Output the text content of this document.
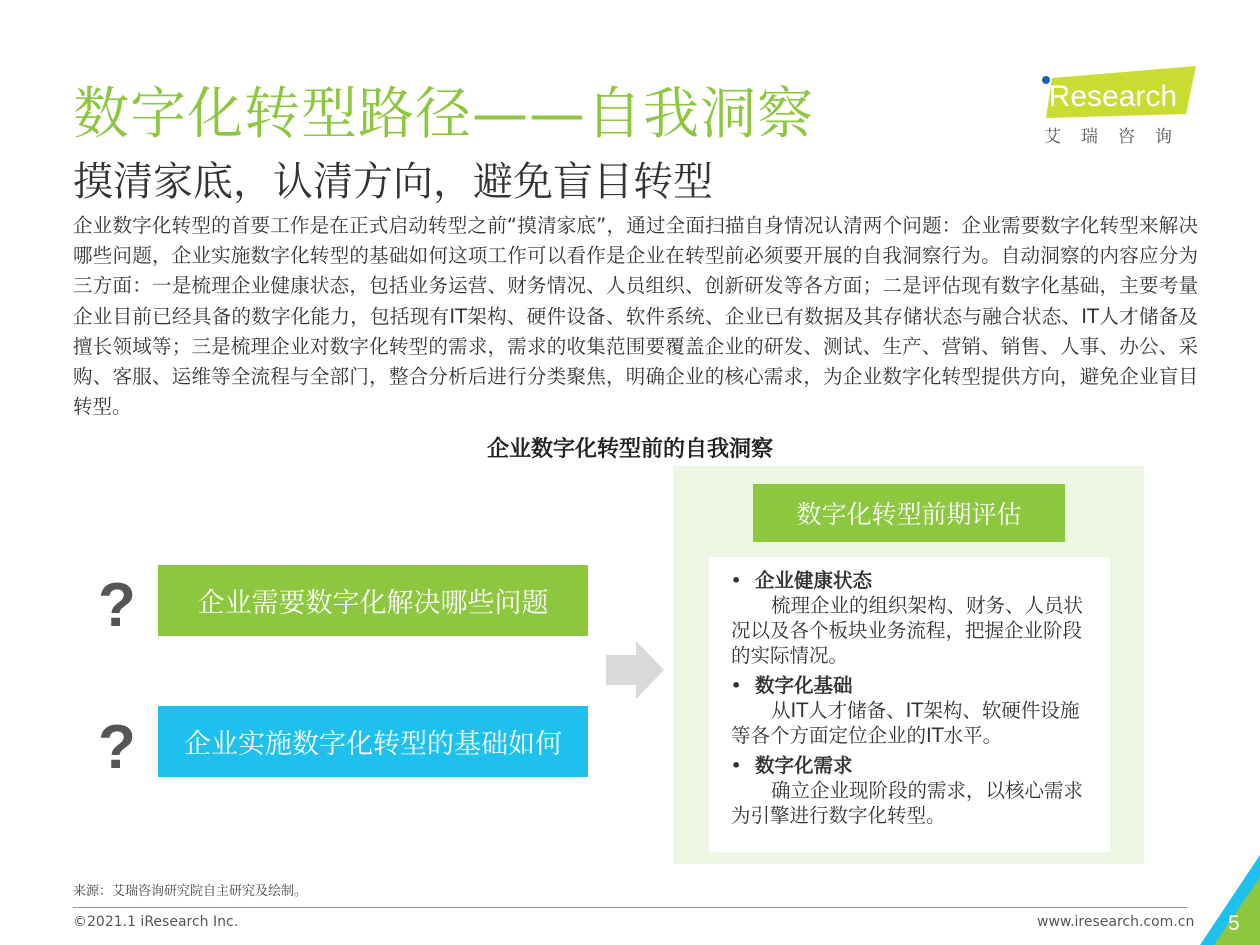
数字化转型路径——自我洞察
摸清家底，认清方向，避免盲目转型
iResearch
艾瑞咨询
企业数字化转型的首要工作是在正式启动转型之前“摸清家底”，通过全面扫描自身情况认清两个问题：企业需要数字化转型来解决哪些问题，企业实施数字化转型的基础如何这项工作可以看作是企业在转型前必须要开展的自我洞察行为。自动洞察的内容应分为三方面：一是梳理企业健康状态，包括业务运营、财务情况、人员组织、创新研发等各方面；二是评估现有数字化基础，主要考量企业目前已经具备的数字化能力，包括现有IT架构、硬件设备、软件系统、企业已有数据及其存储状态与融合状态、IT人才储备及擅长领域等；三是梳理企业对数字化转型的需求，需求的收集范围要覆盖企业的研发、测试、生产、营销、销售、人事、办公、采购、客服、运维等全流程与全部门，整合分析后进行分类聚焦，明确企业的核心需求，为企业数字化转型提供方向，避免企业盲目转型。
企业数字化转型前的自我洞察
?	企业需要数字化解决哪些问题
?	企业实施数字化转型的基础如何
数字化转型前期评估
• 企业健康状态
梳理企业的组织架构、财务、人员状况以及各个板块业务流程，把握企业阶段的实际情况。
• 数字化基础
从IT人才储备、IT架构、软硬件设施等各个方面定位企业的IT水平。
• 数字化需求
确立企业现阶段的需求，以核心需求为引擎进行数字化转型。
来源：艾瑞咨询研究院自主研究及绘制。
©2021.1 iResearch Inc.	www.iresearch.com.cn 5
